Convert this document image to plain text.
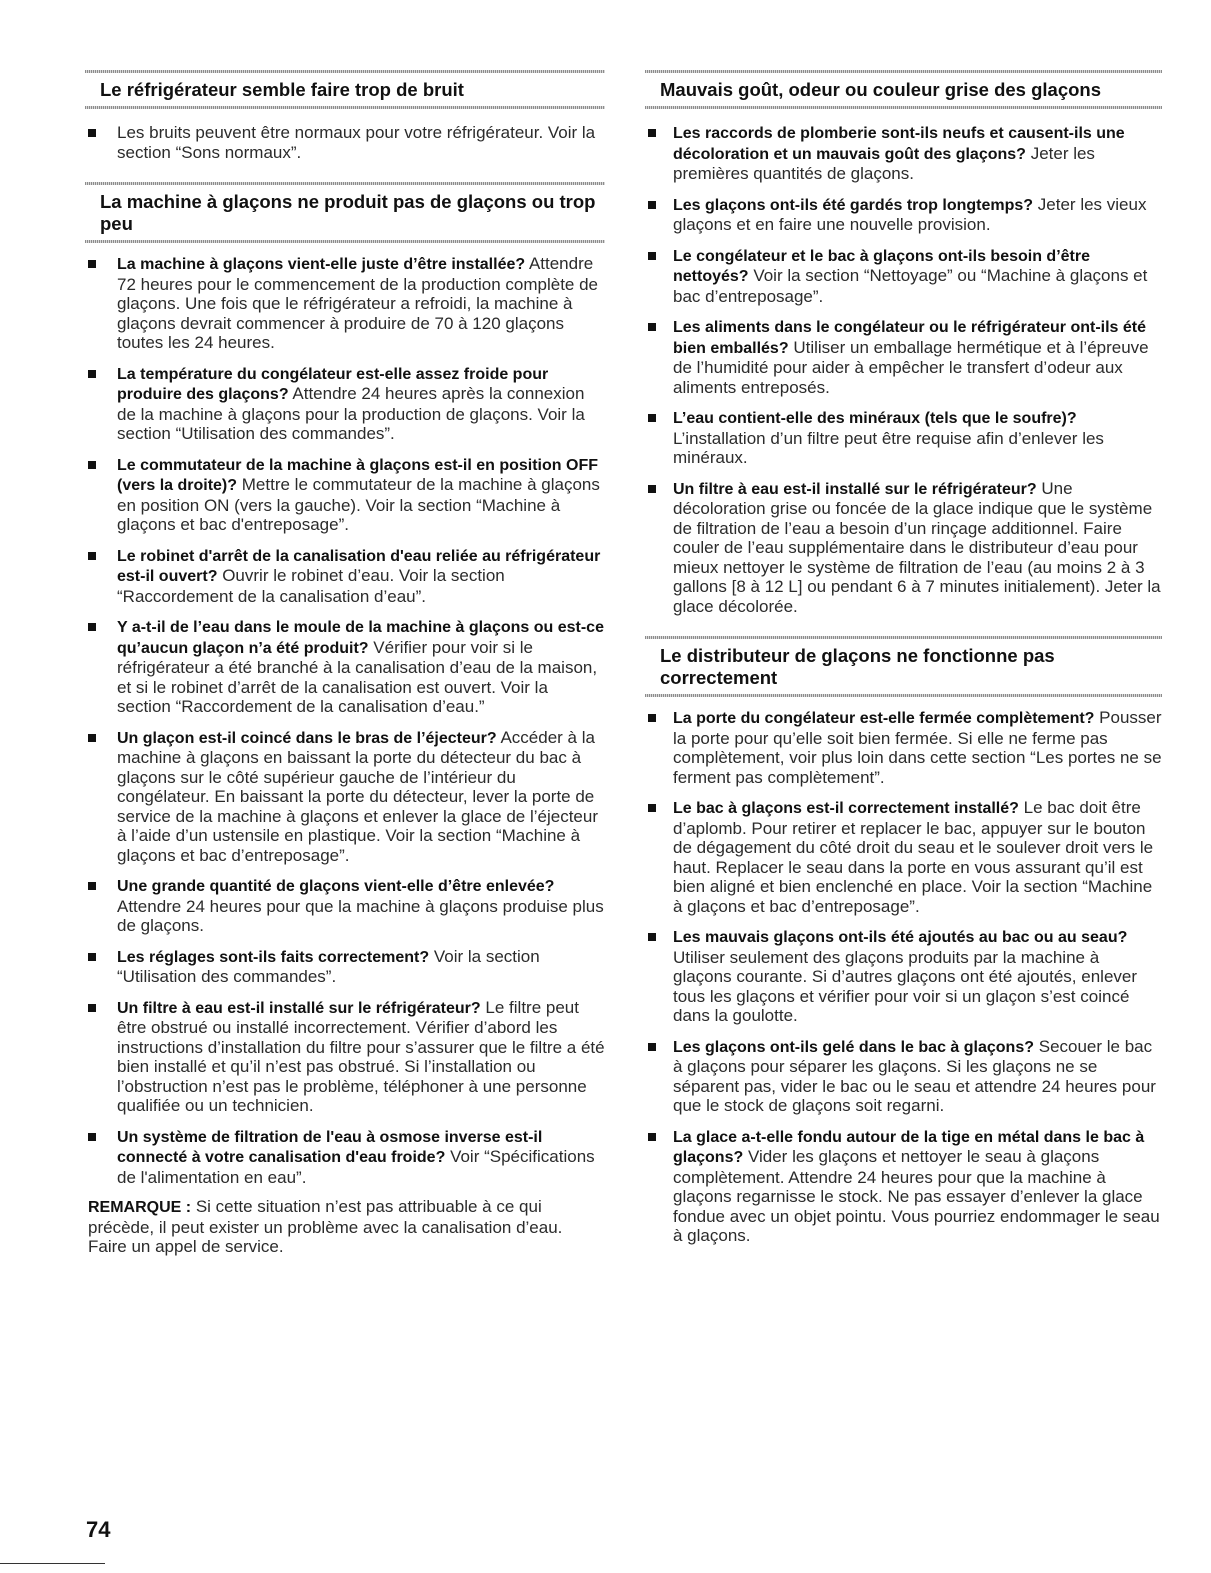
Le réfrigérateur semble faire trop de bruit
Les bruits peuvent être normaux pour votre réfrigérateur. Voir la section “Sons normaux”.
La machine à glaçons ne produit pas de glaçons ou trop peu
La machine à glaçons vient-elle juste d’être installée? Attendre 72 heures pour le commencement de la production complète de glaçons. Une fois que le réfrigérateur a refroidi, la machine à glaçons devrait commencer à produire de 70 à 120 glaçons toutes les 24 heures.
La température du congélateur est-elle assez froide pour produire des glaçons? Attendre 24 heures après la connexion de la machine à glaçons pour la production de glaçons. Voir la section “Utilisation des commandes”.
Le commutateur de la machine à glaçons est-il en position OFF (vers la droite)? Mettre le commutateur de la machine à glaçons en position ON (vers la gauche). Voir la section “Machine à glaçons et bac d'entreposage”.
Le robinet d'arrêt de la canalisation d'eau reliée au réfrigérateur est-il ouvert? Ouvrir le robinet d’eau. Voir la section “Raccordement de la canalisation d’eau”.
Y a-t-il de l’eau dans le moule de la machine à glaçons ou est-ce qu’aucun glaçon n’a été produit? Vérifier pour voir si le réfrigérateur a été branché à la canalisation d’eau de la maison, et si le robinet d’arrêt de la canalisation est ouvert. Voir la section “Raccordement de la canalisation d’eau.”
Un glaçon est-il coincé dans le bras de l’éjecteur? Accéder à la machine à glaçons en baissant la porte du détecteur du bac à glaçons sur le côté supérieur gauche de l’intérieur du congélateur. En baissant la porte du détecteur, lever la porte de service de la machine à glaçons et enlever la glace de l’éjecteur à l’aide d’un ustensile en plastique. Voir la section “Machine à glaçons et bac d’entreposage”.
Une grande quantité de glaçons vient-elle d’être enlevée? Attendre 24 heures pour que la machine à glaçons produise plus de glaçons.
Les réglages sont-ils faits correctement? Voir la section “Utilisation des commandes”.
Un filtre à eau est-il installé sur le réfrigérateur? Le filtre peut être obstrué ou installé incorrectement. Vérifier d’abord les instructions d’installation du filtre pour s’assurer que le filtre a été bien installé et qu’il n’est pas obstrué. Si l’installation ou l’obstruction n’est pas le problème, téléphoner à une personne qualifiée ou un technicien.
Un système de filtration de l'eau à osmose inverse est-il connecté à votre canalisation d'eau froide? Voir “Spécifications de l'alimentation en eau”.

REMARQUE : Si cette situation n’est pas attribuable à ce qui précède, il peut exister un problème avec la canalisation d’eau. Faire un appel de service.

Mauvais goût, odeur ou couleur grise des glaçons
Les raccords de plomberie sont-ils neufs et causent-ils une décoloration et un mauvais goût des glaçons? Jeter les premières quantités de glaçons.
Les glaçons ont-ils été gardés trop longtemps? Jeter les vieux glaçons et en faire une nouvelle provision.
Le congélateur et le bac à glaçons ont-ils besoin d’être nettoyés? Voir la section “Nettoyage” ou “Machine à glaçons et bac d’entreposage”.
Les aliments dans le congélateur ou le réfrigérateur ont-ils été bien emballés? Utiliser un emballage hermétique et à l’épreuve de l’humidité pour aider à empêcher le transfert d’odeur aux aliments entreposés.
L’eau contient-elle des minéraux (tels que le soufre)? L’installation d’un filtre peut être requise afin d’enlever les minéraux.
Un filtre à eau est-il installé sur le réfrigérateur? Une décoloration grise ou foncée de la glace indique que le système de filtration de l’eau a besoin d’un rinçage additionnel. Faire couler de l’eau supplémentaire dans le distributeur d’eau pour mieux nettoyer le système de filtration de l’eau (au moins 2 à 3 gallons [8 à 12 L] ou pendant 6 à 7 minutes initialement). Jeter la glace décolorée.
Le distributeur de glaçons ne fonctionne pas correctement
La porte du congélateur est-elle fermée complètement? Pousser la porte pour qu’elle soit bien fermée. Si elle ne ferme pas complètement, voir plus loin dans cette section “Les portes ne se ferment pas complètement”.
Le bac à glaçons est-il correctement installé? Le bac doit être d’aplomb. Pour retirer et replacer le bac, appuyer sur le bouton de dégagement du côté droit du seau et le soulever droit vers le haut. Replacer le seau dans la porte en vous assurant qu’il est bien aligné et bien enclenché en place. Voir la section “Machine à glaçons et bac d’entreposage”.
Les mauvais glaçons ont-ils été ajoutés au bac ou au seau? Utiliser seulement des glaçons produits par la machine à glaçons courante. Si d’autres glaçons ont été ajoutés, enlever tous les glaçons et vérifier pour voir si un glaçon s’est coincé dans la goulotte.
Les glaçons ont-ils gelé dans le bac à glaçons? Secouer le bac à glaçons pour séparer les glaçons. Si les glaçons ne se séparent pas, vider le bac ou le seau et attendre 24 heures pour que le stock de glaçons soit regarni.
La glace a-t-elle fondu autour de la tige en métal dans le bac à glaçons? Vider les glaçons et nettoyer le seau à glaçons complètement. Attendre 24 heures pour que la machine à glaçons regarnisse le stock. Ne pas essayer d’enlever la glace fondue avec un objet pointu. Vous pourriez endommager le seau à glaçons.
74
